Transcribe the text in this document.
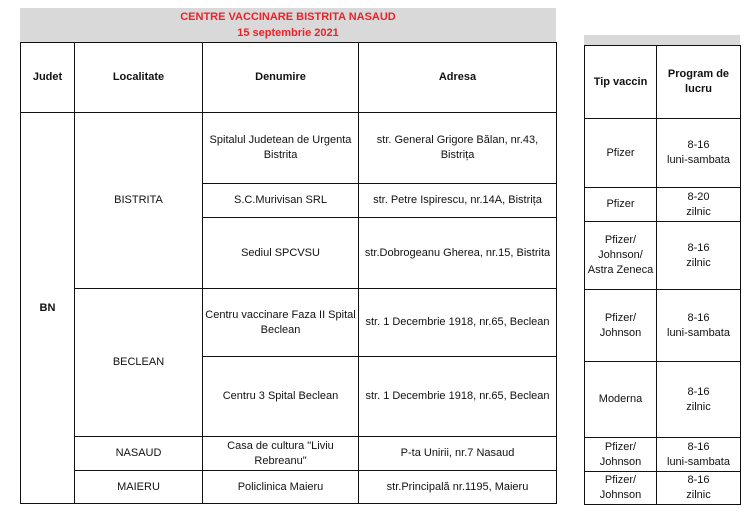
CENTRE VACCINARE BISTRITA NASAUD
15 septembrie 2021
Judet	Localitate	Denumire	Adresa
BN	BISTRITA	Spitalul Judetean de Urgenta Bistrita	str. General Grigore Bălan, nr.43, Bistrița
		S.C.Murivisan SRL	str. Petre Ispirescu, nr.14A, Bistrița
		Sediul SPCVSU	str.Dobrogeanu Gherea, nr.15, Bistrita
	BECLEAN	Centru vaccinare Faza II Spital Beclean	str. 1 Decembrie 1918, nr.65, Beclean
		Centru 3 Spital Beclean	str. 1 Decembrie 1918, nr.65, Beclean
	NASAUD	Casa de cultura "Liviu Rebreanu"	P-ta Unirii, nr.7 Nasaud
	MAIERU	Policlinica Maieru	str.Principală nr.1195, Maieru
Tip vaccin	Program de lucru
Pfizer	8-16
luni-sambata
Pfizer	8-20
zilnic
Pfizer/ Johnson/ Astra Zeneca	8-16
zilnic
Pfizer/ Johnson	8-16
luni-sambata
Moderna	8-16
zilnic
Pfizer/ Johnson	8-16
luni-sambata
Pfizer/ Johnson	8-16
zilnic
